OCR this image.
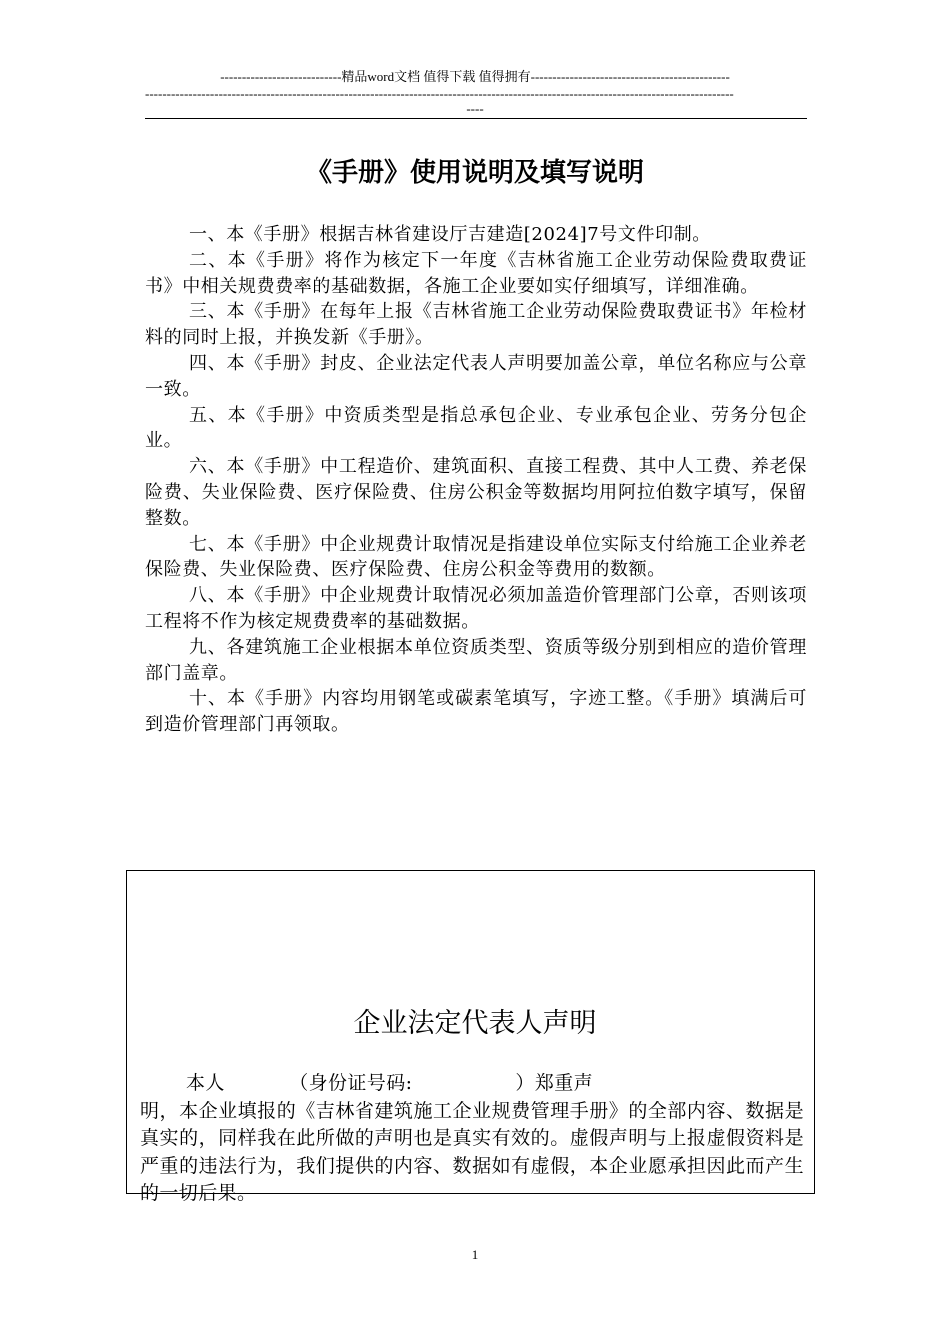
----------------------------精品word文档 值得下载 值得拥有----------------------------------------------
----------------------------------------------------------------------------------------------------------------------------------------
----
《手册》使用说明及填写说明

一、本《手册》根据吉林省建设厅吉建造[2024]7号文件印制。

二、本《手册》将作为核定下一年度《吉林省施工企业劳动保险费取费证书》中相关规费费率的基础数据，各施工企业要如实仔细填写，详细准确。

三、本《手册》在每年上报《吉林省施工企业劳动保险费取费证书》年检材料的同时上报，并换发新《手册》。

四、本《手册》封皮、企业法定代表人声明要加盖公章，单位名称应与公章一致。

五、本《手册》中资质类型是指总承包企业、专业承包企业、劳务分包企业。

六、本《手册》中工程造价、建筑面积、直接工程费、其中人工费、养老保险费、失业保险费、医疗保险费、住房公积金等数据均用阿拉伯数字填写，保留整数。

七、本《手册》中企业规费计取情况是指建设单位实际支付给施工企业养老保险费、失业保险费、医疗保险费、住房公积金等费用的数额。

八、本《手册》中企业规费计取情况必须加盖造价管理部门公章，否则该项工程将不作为核定规费费率的基础数据。

九、各建筑施工企业根据本单位资质类型、资质等级分别到相应的造价管理部门盖章。

十、本《手册》内容均用钢笔或碳素笔填写，字迹工整。《手册》填满后可到造价管理部门再领取。

企业法定代表人声明

本人          （身份证号码:                ）郑重声

明，本企业填报的《吉林省建筑施工企业规费管理手册》的全部内容、数据是真实的，同样我在此所做的声明也是真实有效的。虚假声明与上报虚假资料是严重的违法行为，我们提供的内容、数据如有虚假，本企业愿承担因此而产生的一切后果。

1
